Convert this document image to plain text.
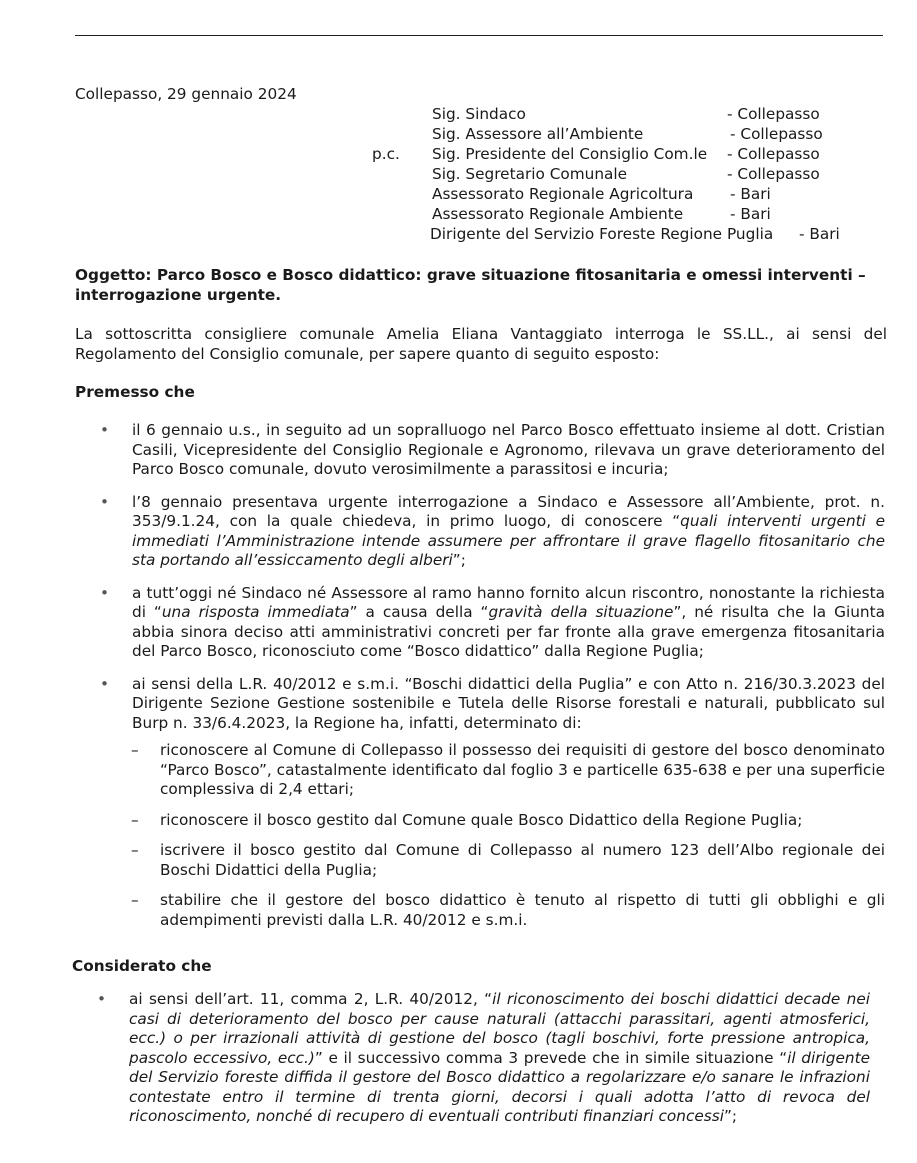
Collepasso, 29 gennaio 2024
p.c.
Sig. Sindaco	- Collepasso
Sig. Assessore all’Ambiente	- Collepasso
Sig. Presidente del Consiglio Com.le - Collepasso
Sig. Segretario Comunale	- Collepasso
Assessorato Regionale Agricoltura - Bari
Assessorato Regionale Ambiente	- Bari
Dirigente del Servizio Foreste Regione Puglia - Bari
Oggetto: Parco Bosco e Bosco didattico: grave situazione fitosanitaria e omessi interventi – interrogazione urgente.
La sottoscritta consigliere comunale Amelia Eliana Vantaggiato interroga le SS.LL., ai sensi del Regolamento del Consiglio comunale, per sapere quanto di seguito esposto:
Premesso che
• il 6 gennaio u.s., in seguito ad un sopralluogo nel Parco Bosco effettuato insieme al dott. Cristian Casili, Vicepresidente del Consiglio Regionale e Agronomo, rilevava un grave deterioramento del Parco Bosco comunale, dovuto verosimilmente a parassitosi e incuria;
• l’8 gennaio presentava urgente interrogazione a Sindaco e Assessore all’Ambiente, prot. n. 353/9.1.24, con la quale chiedeva, in primo luogo, di conoscere “quali interventi urgenti e immediati l’Amministrazione intende assumere per affrontare il grave flagello fitosanitario che sta portando all’essiccamento degli alberi”;
• a tutt’oggi né Sindaco né Assessore al ramo hanno fornito alcun riscontro, nonostante la richiesta di “una risposta immediata” a causa della “gravità della situazione”, né risulta che la Giunta abbia sinora deciso atti amministrativi concreti per far fronte alla grave emergenza fitosanitaria del Parco Bosco, riconosciuto come “Bosco didattico” dalla Regione Puglia;
• ai sensi della L.R. 40/2012 e s.m.i. “Boschi didattici della Puglia” e con Atto n. 216/30.3.2023 del Dirigente Sezione Gestione sostenibile e Tutela delle Risorse forestali e naturali, pubblicato sul Burp n. 33/6.4.2023, la Regione ha, infatti, determinato di:
– riconoscere al Comune di Collepasso il possesso dei requisiti di gestore del bosco denominato “Parco Bosco”, catastalmente identificato dal foglio 3 e particelle 635-638 e per una superficie complessiva di 2,4 ettari;
– riconoscere il bosco gestito dal Comune quale Bosco Didattico della Regione Puglia;
– iscrivere il bosco gestito dal Comune di Collepasso al numero 123 dell’Albo regionale dei Boschi Didattici della Puglia;
– stabilire che il gestore del bosco didattico è tenuto al rispetto di tutti gli obblighi e gli adempimenti previsti dalla L.R. 40/2012 e s.m.i.
Considerato che
• ai sensi dell’art. 11, comma 2, L.R. 40/2012, “il riconoscimento dei boschi didattici decade nei casi di deterioramento del bosco per cause naturali (attacchi parassitari, agenti atmosferici, ecc.) o per irrazionali attività di gestione del bosco (tagli boschivi, forte pressione antropica, pascolo eccessivo, ecc.)” e il successivo comma 3 prevede che in simile situazione “il dirigente del Servizio foreste diffida il gestore del Bosco didattico a regolarizzare e/o sanare le infrazioni contestate entro il termine di trenta giorni, decorsi i quali adotta l’atto di revoca del riconoscimento, nonché di recupero di eventuali contributi finanziari concessi”;
